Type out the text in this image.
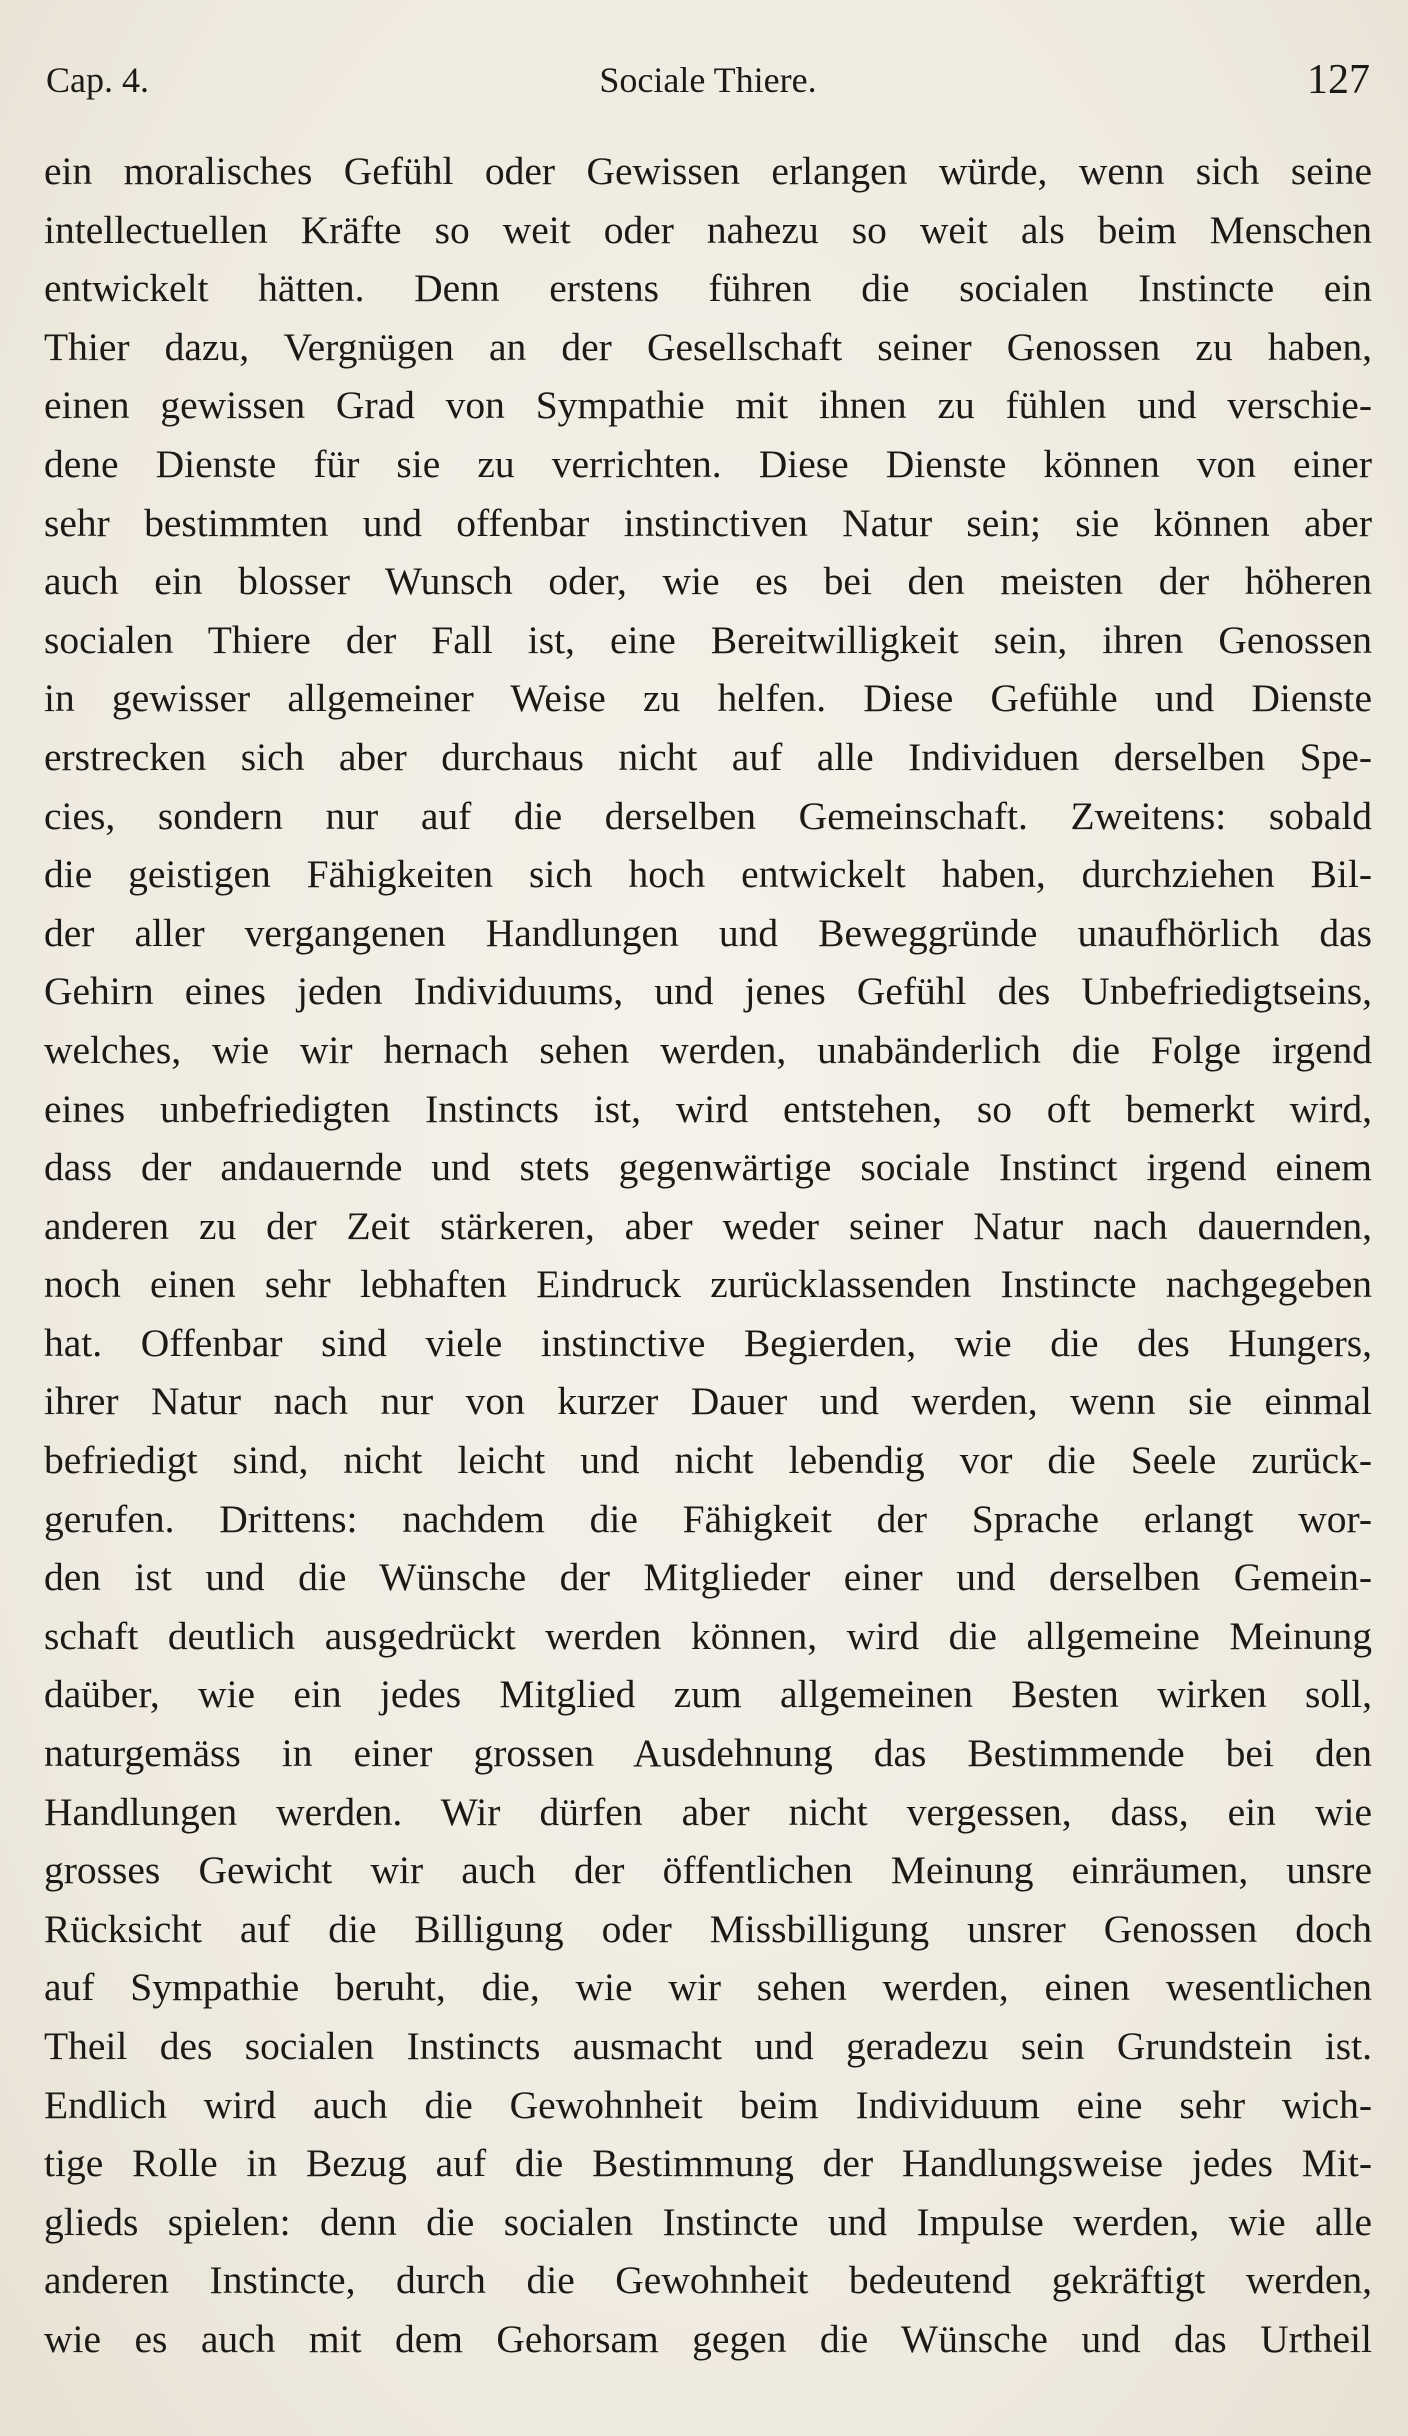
Cap. 4.	Sociale Thiere.	127
ein moralisches Gefühl oder Gewissen erlangen würde, wenn sich seine
intellectuellen Kräfte so weit oder nahezu so weit als beim Menschen
entwickelt hätten. Denn erstens führen die socialen Instincte ein
Thier dazu, Vergnügen an der Gesellschaft seiner Genossen zu haben,
einen gewissen Grad von Sympathie mit ihnen zu fühlen und verschie-
dene Dienste für sie zu verrichten. Diese Dienste können von einer
sehr bestimmten und offenbar instinctiven Natur sein; sie können aber
auch ein blosser Wunsch oder, wie es bei den meisten der höheren
socialen Thiere der Fall ist, eine Bereitwilligkeit sein, ihren Genossen
in gewisser allgemeiner Weise zu helfen. Diese Gefühle und Dienste
erstrecken sich aber durchaus nicht auf alle Individuen derselben Spe-
cies, sondern nur auf die derselben Gemeinschaft. Zweitens: sobald
die geistigen Fähigkeiten sich hoch entwickelt haben, durchziehen Bil-
der aller vergangenen Handlungen und Beweggründe unaufhörlich das
Gehirn eines jeden Individuums, und jenes Gefühl des Unbefriedigtseins,
welches, wie wir hernach sehen werden, unabänderlich die Folge irgend
eines unbefriedigten Instincts ist, wird entstehen, so oft bemerkt wird,
dass der andauernde und stets gegenwärtige sociale Instinct irgend einem
anderen zu der Zeit stärkeren, aber weder seiner Natur nach dauernden,
noch einen sehr lebhaften Eindruck zurücklassenden Instincte nachgegeben
hat. Offenbar sind viele instinctive Begierden, wie die des Hungers,
ihrer Natur nach nur von kurzer Dauer und werden, wenn sie einmal
befriedigt sind, nicht leicht und nicht lebendig vor die Seele zurück-
gerufen. Drittens: nachdem die Fähigkeit der Sprache erlangt wor-
den ist und die Wünsche der Mitglieder einer und derselben Gemein-
schaft deutlich ausgedrückt werden können, wird die allgemeine Meinung
daüber, wie ein jedes Mitglied zum allgemeinen Besten wirken soll,
naturgemäss in einer grossen Ausdehnung das Bestimmende bei den
Handlungen werden. Wir dürfen aber nicht vergessen, dass, ein wie
grosses Gewicht wir auch der öffentlichen Meinung einräumen, unsre
Rücksicht auf die Billigung oder Missbilligung unsrer Genossen doch
auf Sympathie beruht, die, wie wir sehen werden, einen wesentlichen
Theil des socialen Instincts ausmacht und geradezu sein Grundstein ist.
Endlich wird auch die Gewohnheit beim Individuum eine sehr wich-
tige Rolle in Bezug auf die Bestimmung der Handlungsweise jedes Mit-
glieds spielen: denn die socialen Instincte und Impulse werden, wie alle
anderen Instincte, durch die Gewohnheit bedeutend gekräftigt werden,
wie es auch mit dem Gehorsam gegen die Wünsche und das Urtheil
